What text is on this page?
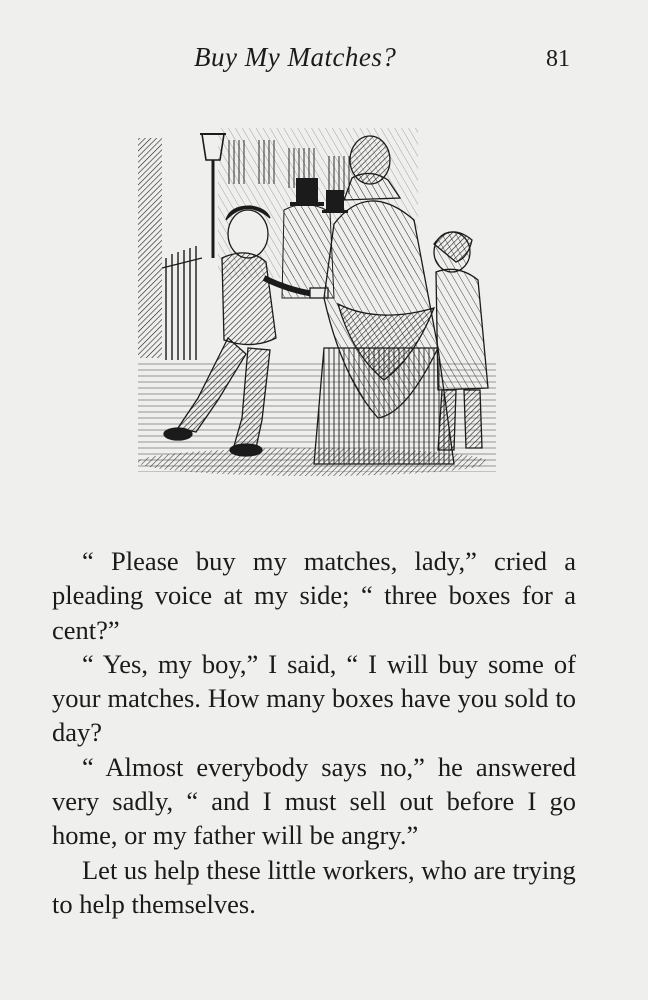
Buy My Matches?	81

“ Please buy my matches, lady,” cried a pleading voice at my side; “ three boxes for a cent?”

“ Yes, my boy,” I said, “ I will buy some of your matches. How many boxes have you sold to day?

“ Almost everybody says no,” he answered very sadly, “ and I must sell out before I go home, or my father will be angry.”

Let us help these little workers, who are trying to help themselves.
